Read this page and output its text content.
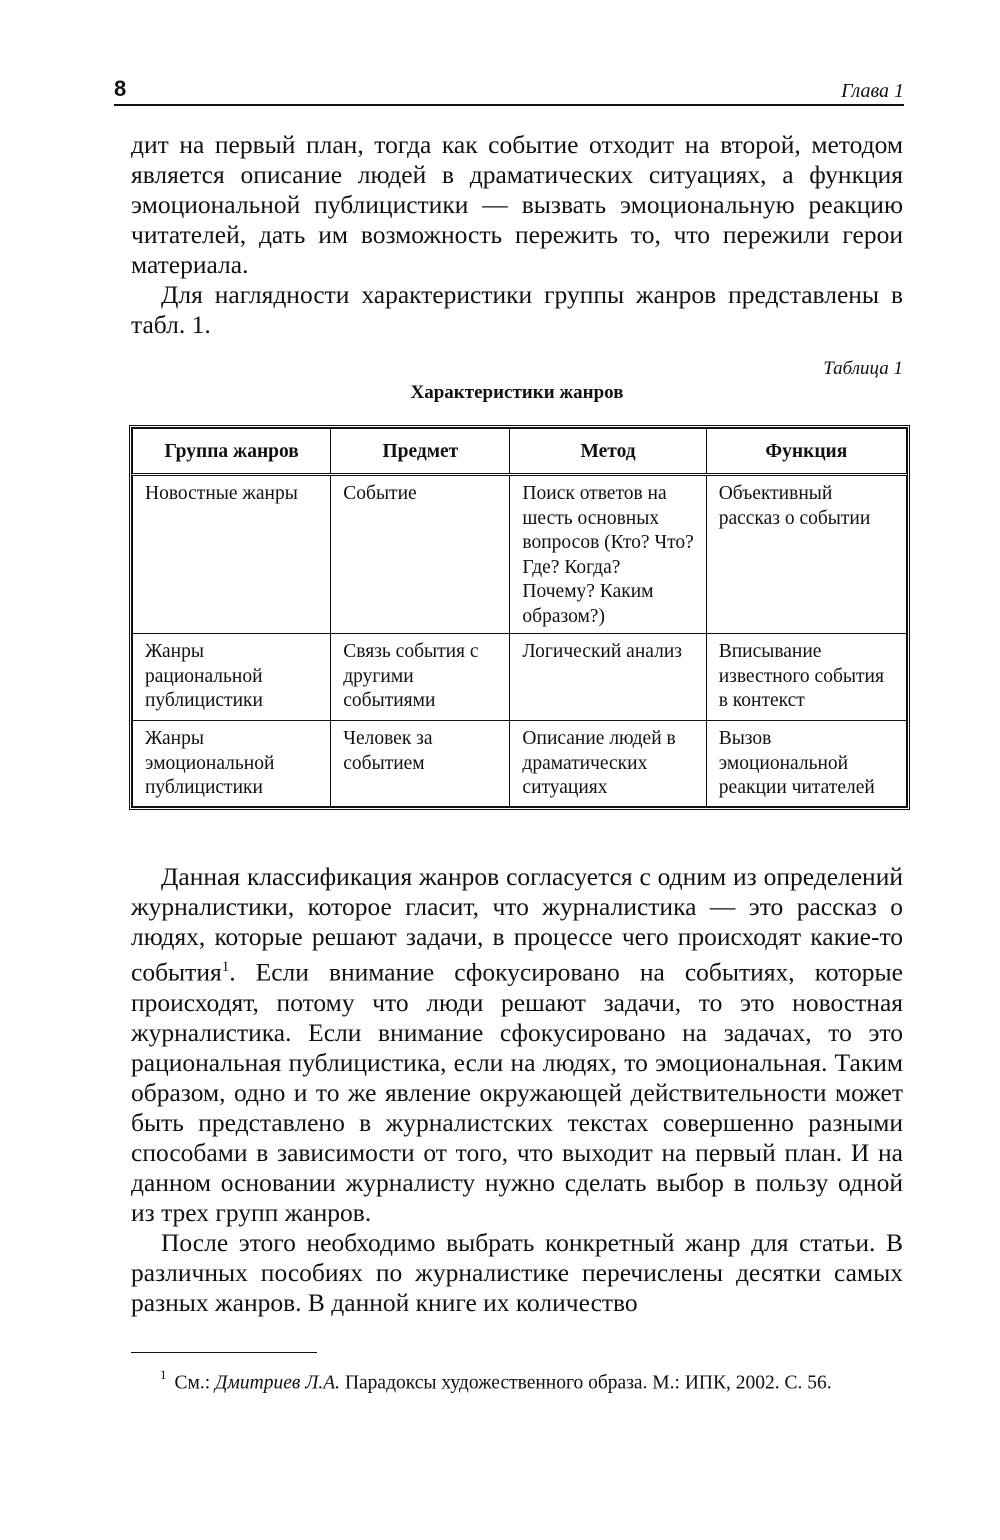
8	Глава 1

дит на первый план, тогда как событие отходит на второй, методом является описание людей в драматических ситуациях, а функция эмоциональной публицистики — вызвать эмоциональную реакцию читателей, дать им возможность пережить то, что пережили герои материала.

Для наглядности характеристики группы жанров представлены в табл. 1.

Таблица 1
Характеристики жанров
Группа жанров	Предмет	Метод	Функция
Новостные жанры	Событие	Поиск ответов на шесть основных вопросов (Кто? Что? Где? Когда? Почему? Каким образом?)	Объективный рассказ о событии
Жанры рациональной публицистики	Связь события с другими событиями	Логический анализ	Вписывание известного события в контекст
Жанры эмоциональной публицистики	Человек за событием	Описание людей в драматических ситуациях	Вызов эмоциональной реакции читателей

Данная классификация жанров согласуется с одним из определений журналистики, которое гласит, что журналистика — это рассказ о людях, которые решают задачи, в процессе чего происходят какие-то события$^1$. Если внимание сфокусировано на событиях, которые происходят, потому что люди решают задачи, то это новостная журналистика. Если внимание сфокусировано на задачах, то это рациональная публицистика, если на людях, то эмоциональная. Таким образом, одно и то же явление окружающей действительности может быть представлено в журналистских текстах совершенно разными способами в зависимости от того, что выходит на первый план. И на данном основании журналисту нужно сделать выбор в пользу одной из трех групп жанров.

После этого необходимо выбрать конкретный жанр для статьи. В различных пособиях по журналистике перечислены десятки самых разных жанров. В данной книге их количество

$^1$ См.: Дмитриев Л.А. Парадоксы художественного образа. М.: ИПК, 2002. С. 56.
